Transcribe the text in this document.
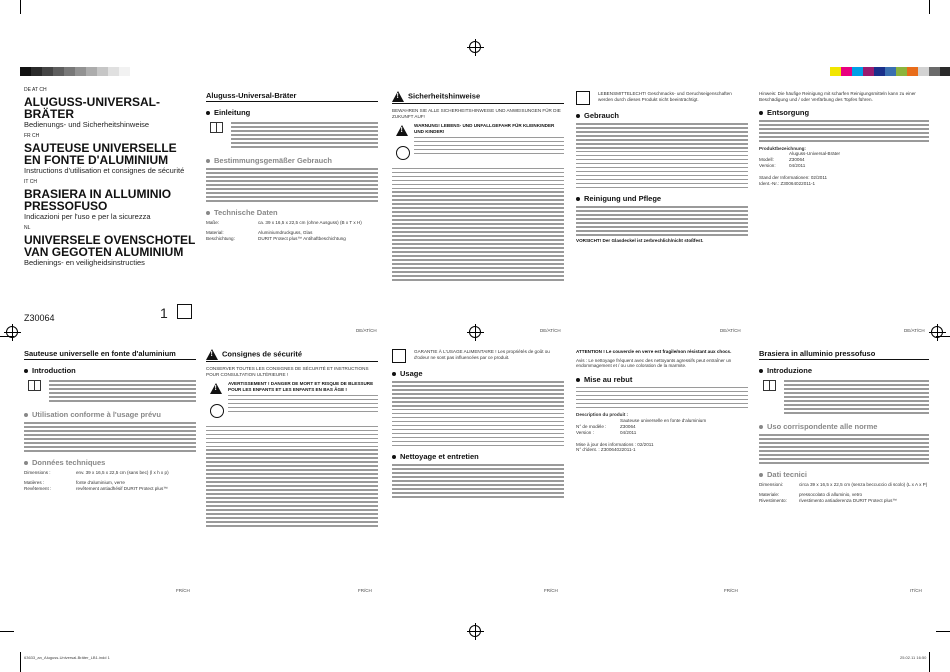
DE AT CH
ALUGUSS-UNIVERSAL-BRÄTER
Bedienungs- und Sicherheitshinweise
FR CH
SAUTEUSE UNIVERSELLE EN FONTE D'ALUMINIUM
Instructions d'utilisation et consignes de sécurité
IT CH
BRASIERA IN ALLUMINIO PRESSOFUSO
Indicazioni per l'uso e per la sicurezza
NL
UNIVERSELE OVENSCHOTEL VAN GEGOTEN ALUMINIUM
Bedienings- en veiligheidsinstructies
Z30064	1
Aluguss-Universal-Bräter
Einleitung
Bestimmungsgemäßer Gebrauch
Technische Daten
Maße:	ca. 39 x 16,5 x 22,5 cm (ohne Ausguss) (B x T x H)
Material:	Aluminiumdruckguss, Glas
Beschichtung:	DURIT Protect plus™ Antihaftbeschichtung
DE/AT/CH
!Sicherheitshinweise
BEWAHREN SIE ALLE SICHERHEITSHINWEISE UND ANWEISUNGEN FÜR DIE ZUKUNFT AUF!
!

WARNUNG! LEBENS- UND UNFALLGEFAHR FÜR KLEINKINDER UND KINDER!
DE/AT/CH
LEBENSMITTELECHT! Geschmacks- und Geruchseigenschaften werden durch dieses Produkt nicht beeinträchtigt.
Gebrauch
Reinigung und Pflege
VORSICHT! Der Glasdeckel ist zerbrechlich/nicht stoßfest.
DE/AT/CH
Hinweis: Die häufige Reinigung mit scharfen Reinigungsmitteln kann zu einer Beschädigung und / oder Verfärbung des Topfes führen.
Entsorgung
Produktbezeichnung:
Aluguss-Universal-Bräter
Modell:	Z30064
Version:	04/2011
Stand der Informationen: 02/2011
Ident.-Nr.: Z30064022011-1
DE/AT/CH
Sauteuse universelle en fonte d'aluminium
Introduction
Utilisation conforme à l'usage prévu
Données techniques
Dimensions :	env. 39 x 16,5 x 22,5 cm (sans bec) (l x h x p)
Matières :	fonte d'aluminium, verre
Revêtement :	revêtement antiadhésif DURIT Protect plus™
FR/CH
!Consignes de sécurité
CONSERVER TOUTES LES CONSIGNES DE SÉCURITÉ ET INSTRUCTIONS POUR CONSULTATION ULTÉRIEURE !
!

AVERTISSEMENT ! DANGER DE MORT ET RISQUE DE BLESSURE POUR LES ENFANTS ET LES ENFANTS EN BAS ÂGE !
FR/CH
GARANTIE À L'USAGE ALIMENTAIRE ! Les propriétés de goût ou d'odeur ne sont pas influencées par ce produit.
Usage
Nettoyage et entretien
FR/CH
ATTENTION ! Le couvercle en verre est fragile/non résistant aux chocs.
Avis : Le nettoyage fréquent avec des nettoyants agressifs peut entraîner un endommagement et / ou une coloration de la marmite.
Mise au rebut
Description du produit :
Sauteuse universelle en fonte d'aluminium
N° de modèle :	Z30064
Version :	04/2011
Mise à jour des informations : 02/2011
N° d'ident. : Z30064022011-1
FR/CH
Brasiera in alluminio pressofuso
Introduzione
Uso corrispondente alle norme
Dati tecnici
Dimensioni:	circa 39 x 16,5 x 22,5 cm (senza beccuccio di scolo) (L x A x P)
Materiale:	pressocolato di alluminio, vetro
Rivestimento:	rivestimento antiaderenza DURIT Protect plus™
IT/CH
63633_an_Aluguss-Universal-Bräter_LB1.indd 1	25.02.11 16:50
